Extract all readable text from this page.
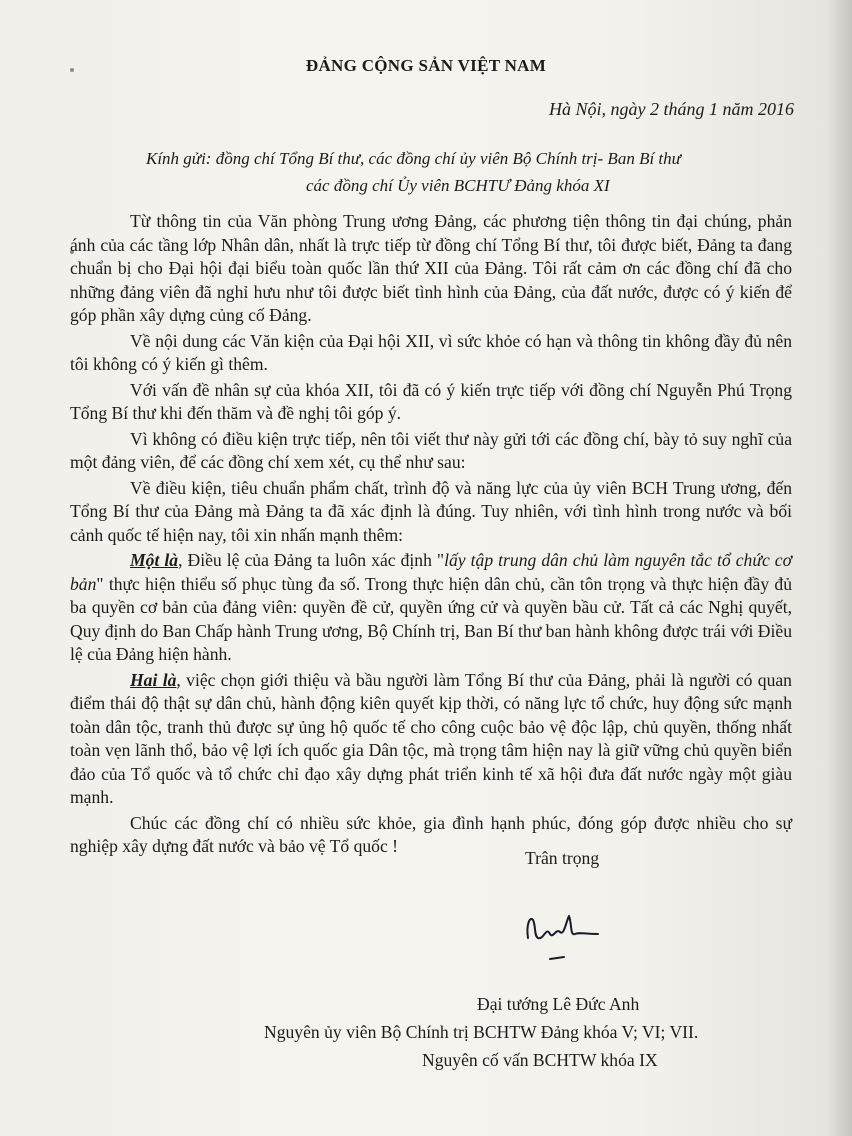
ĐẢNG CỘNG SẢN VIỆT NAM
Hà Nội, ngày 2 tháng 1 năm 2016
Kính gửi: đồng chí Tổng Bí thư, các đồng chí ủy viên Bộ Chính trị- Ban Bí thư
các đồng chí Ủy viên BCHTƯ Đảng khóa XI

Từ thông tin của Văn phòng Trung ương Đảng, các phương tiện thông tin đại chúng, phản ánh của các tầng lớp Nhân dân, nhất là trực tiếp từ đồng chí Tổng Bí thư, tôi được biết, Đảng ta đang chuẩn bị cho Đại hội đại biểu toàn quốc lần thứ XII của Đảng. Tôi rất cảm ơn các đồng chí đã cho những đảng viên đã nghỉ hưu như tôi được biết tình hình của Đảng, của đất nước, được có ý kiến để góp phần xây dựng củng cố Đảng.

Về nội dung các Văn kiện của Đại hội XII, vì sức khỏe có hạn và thông tin không đầy đủ nên tôi không có ý kiến gì thêm.

Với vấn đề nhân sự của khóa XII, tôi đã có ý kiến trực tiếp với đồng chí Nguyễn Phú Trọng Tổng Bí thư khi đến thăm và đề nghị tôi góp ý.

Vì không có điều kiện trực tiếp, nên tôi viết thư này gửi tới các đồng chí, bày tỏ suy nghĩ của một đảng viên, để các đồng chí xem xét, cụ thể như sau:

Về điều kiện, tiêu chuẩn phẩm chất, trình độ và năng lực của ủy viên BCH Trung ương, đến Tổng Bí thư của Đảng mà Đảng ta đã xác định là đúng. Tuy nhiên, với tình hình trong nước và bối cảnh quốc tế hiện nay, tôi xin nhấn mạnh thêm:

Một là, Điều lệ của Đảng ta luôn xác định "lấy tập trung dân chủ làm nguyên tắc tổ chức cơ bản" thực hiện thiểu số phục tùng đa số. Trong thực hiện dân chủ, cần tôn trọng và thực hiện đầy đủ ba quyền cơ bản của đảng viên: quyền đề cử, quyền ứng cử và quyền bầu cử. Tất cả các Nghị quyết, Quy định do Ban Chấp hành Trung ương, Bộ Chính trị, Ban Bí thư ban hành không được trái với Điều lệ của Đảng hiện hành.

Hai là, việc chọn giới thiệu và bầu người làm Tổng Bí thư của Đảng, phải là người có quan điểm thái độ thật sự dân chủ, hành động kiên quyết kịp thời, có năng lực tổ chức, huy động sức mạnh toàn dân tộc, tranh thủ được sự ủng hộ quốc tế cho công cuộc bảo vệ độc lập, chủ quyền, thống nhất toàn vẹn lãnh thổ, bảo vệ lợi ích quốc gia Dân tộc, mà trọng tâm hiện nay là giữ vững chủ quyền biển đảo của Tổ quốc và tổ chức chỉ đạo xây dựng phát triển kinh tế xã hội đưa đất nước ngày một giàu mạnh.

Chúc các đồng chí có nhiều sức khỏe, gia đình hạnh phúc, đóng góp được nhiều cho sự nghiệp xây dựng đất nước và bảo vệ Tổ quốc !

Trân trọng
Đại tướng Lê Đức Anh
Nguyên ủy viên Bộ Chính trị BCHTW Đảng khóa V; VI; VII.
Nguyên cố vấn BCHTW khóa IX
